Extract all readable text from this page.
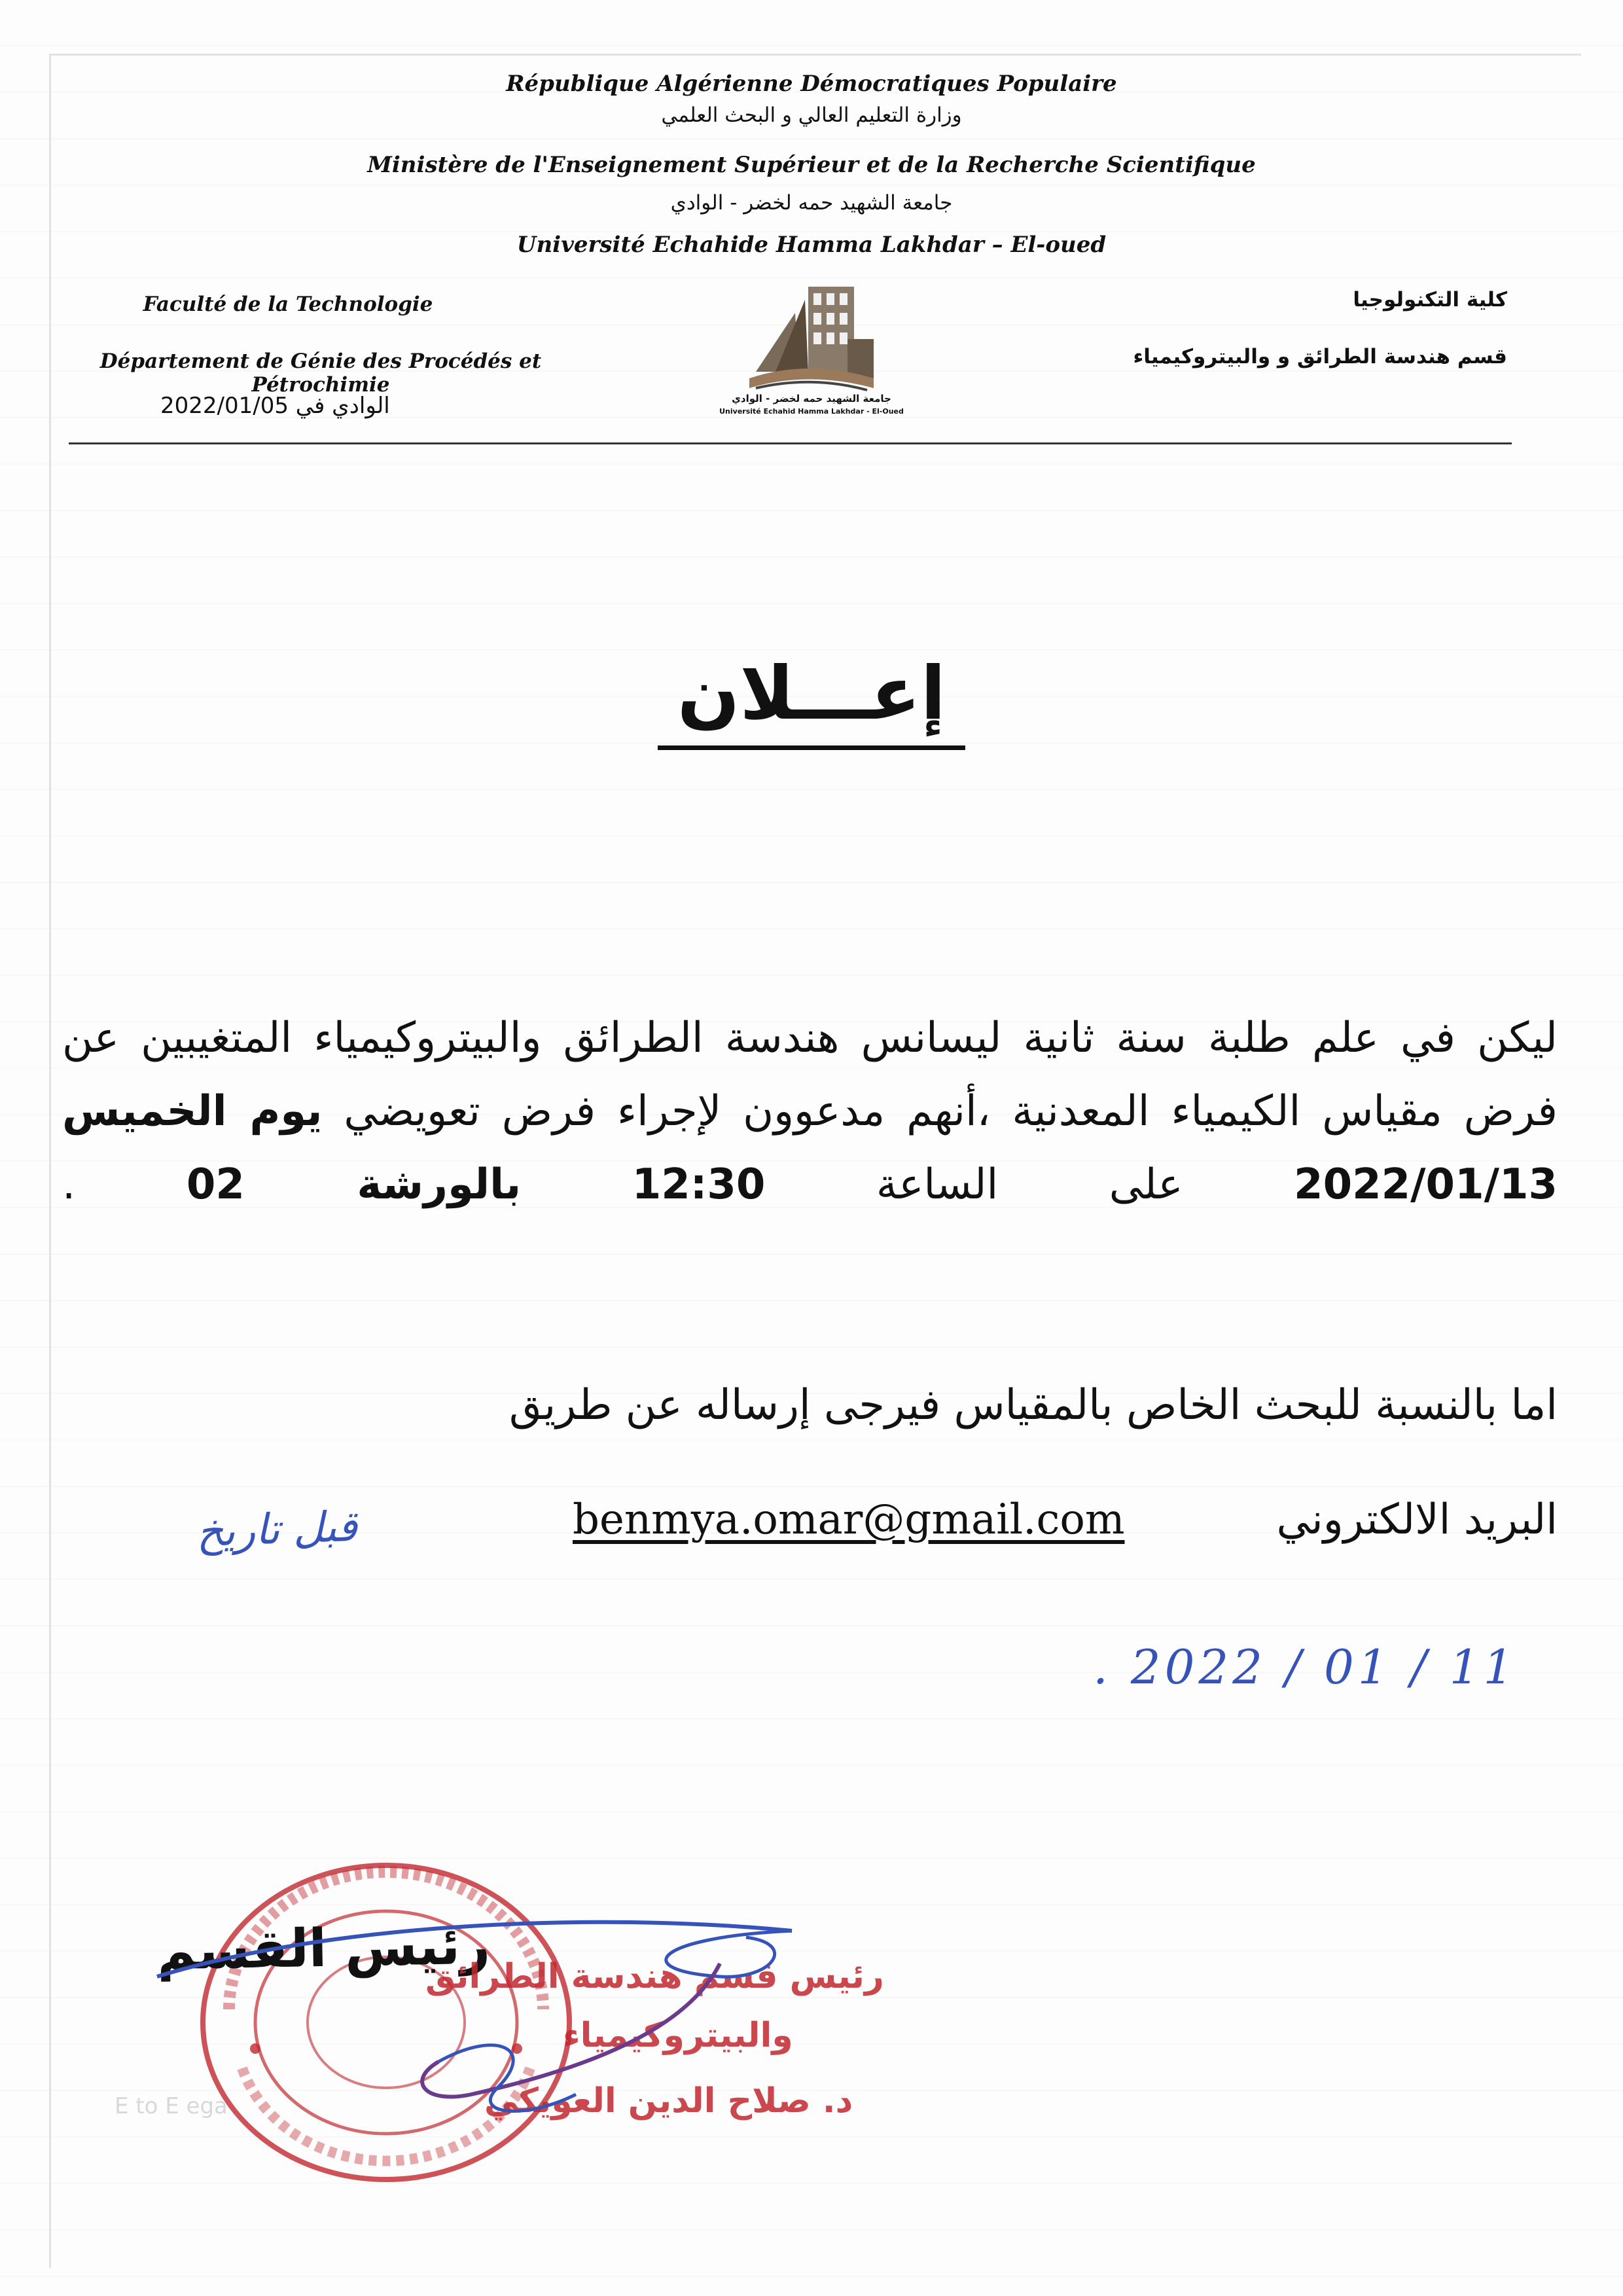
République Algérienne Démocratiques Populaire
وزارة التعليم العالي و البحث العلمي
Ministère de l'Enseignement Supérieur et de la Recherche Scientifique
جامعة الشهيد حمه لخضر - الوادي
Université Echahide Hamma Lakhdar – El-oued
Faculté de la Technologie
Département de Génie des Procédés et Pétrochimie
الوادي في 2022/01/05
كلية التكنولوجيا
قسم هندسة الطرائق و والبيتروكيمياء
جامعة الشهيد حمه لخضر - الوادي
Université Echahid Hamma Lakhdar - El-Oued
إعـــلان
ليكن في علم طلبة سنة ثانية ليسانس هندسة الطرائق والبيتروكيمياء المتغيبين عن فرض مقياس الكيمياء المعدنية ،أنهم مدعوون لإجراء فرض تعويضي يوم الخميس 2022/01/13 على الساعة 12:30 بالورشة 02 .
اما بالنسبة للبحث الخاص بالمقياس فيرجى إرساله عن طريق
البريد الالكتروني
benmya.omar@gmail.com
قبل تاريخ
. 2022 / 01 / 11
E to E ega
رئيس القسم
رئيس قسم هندسة الطرائق
والبيتروكيمياء
د. صلاح الدين العويكي
